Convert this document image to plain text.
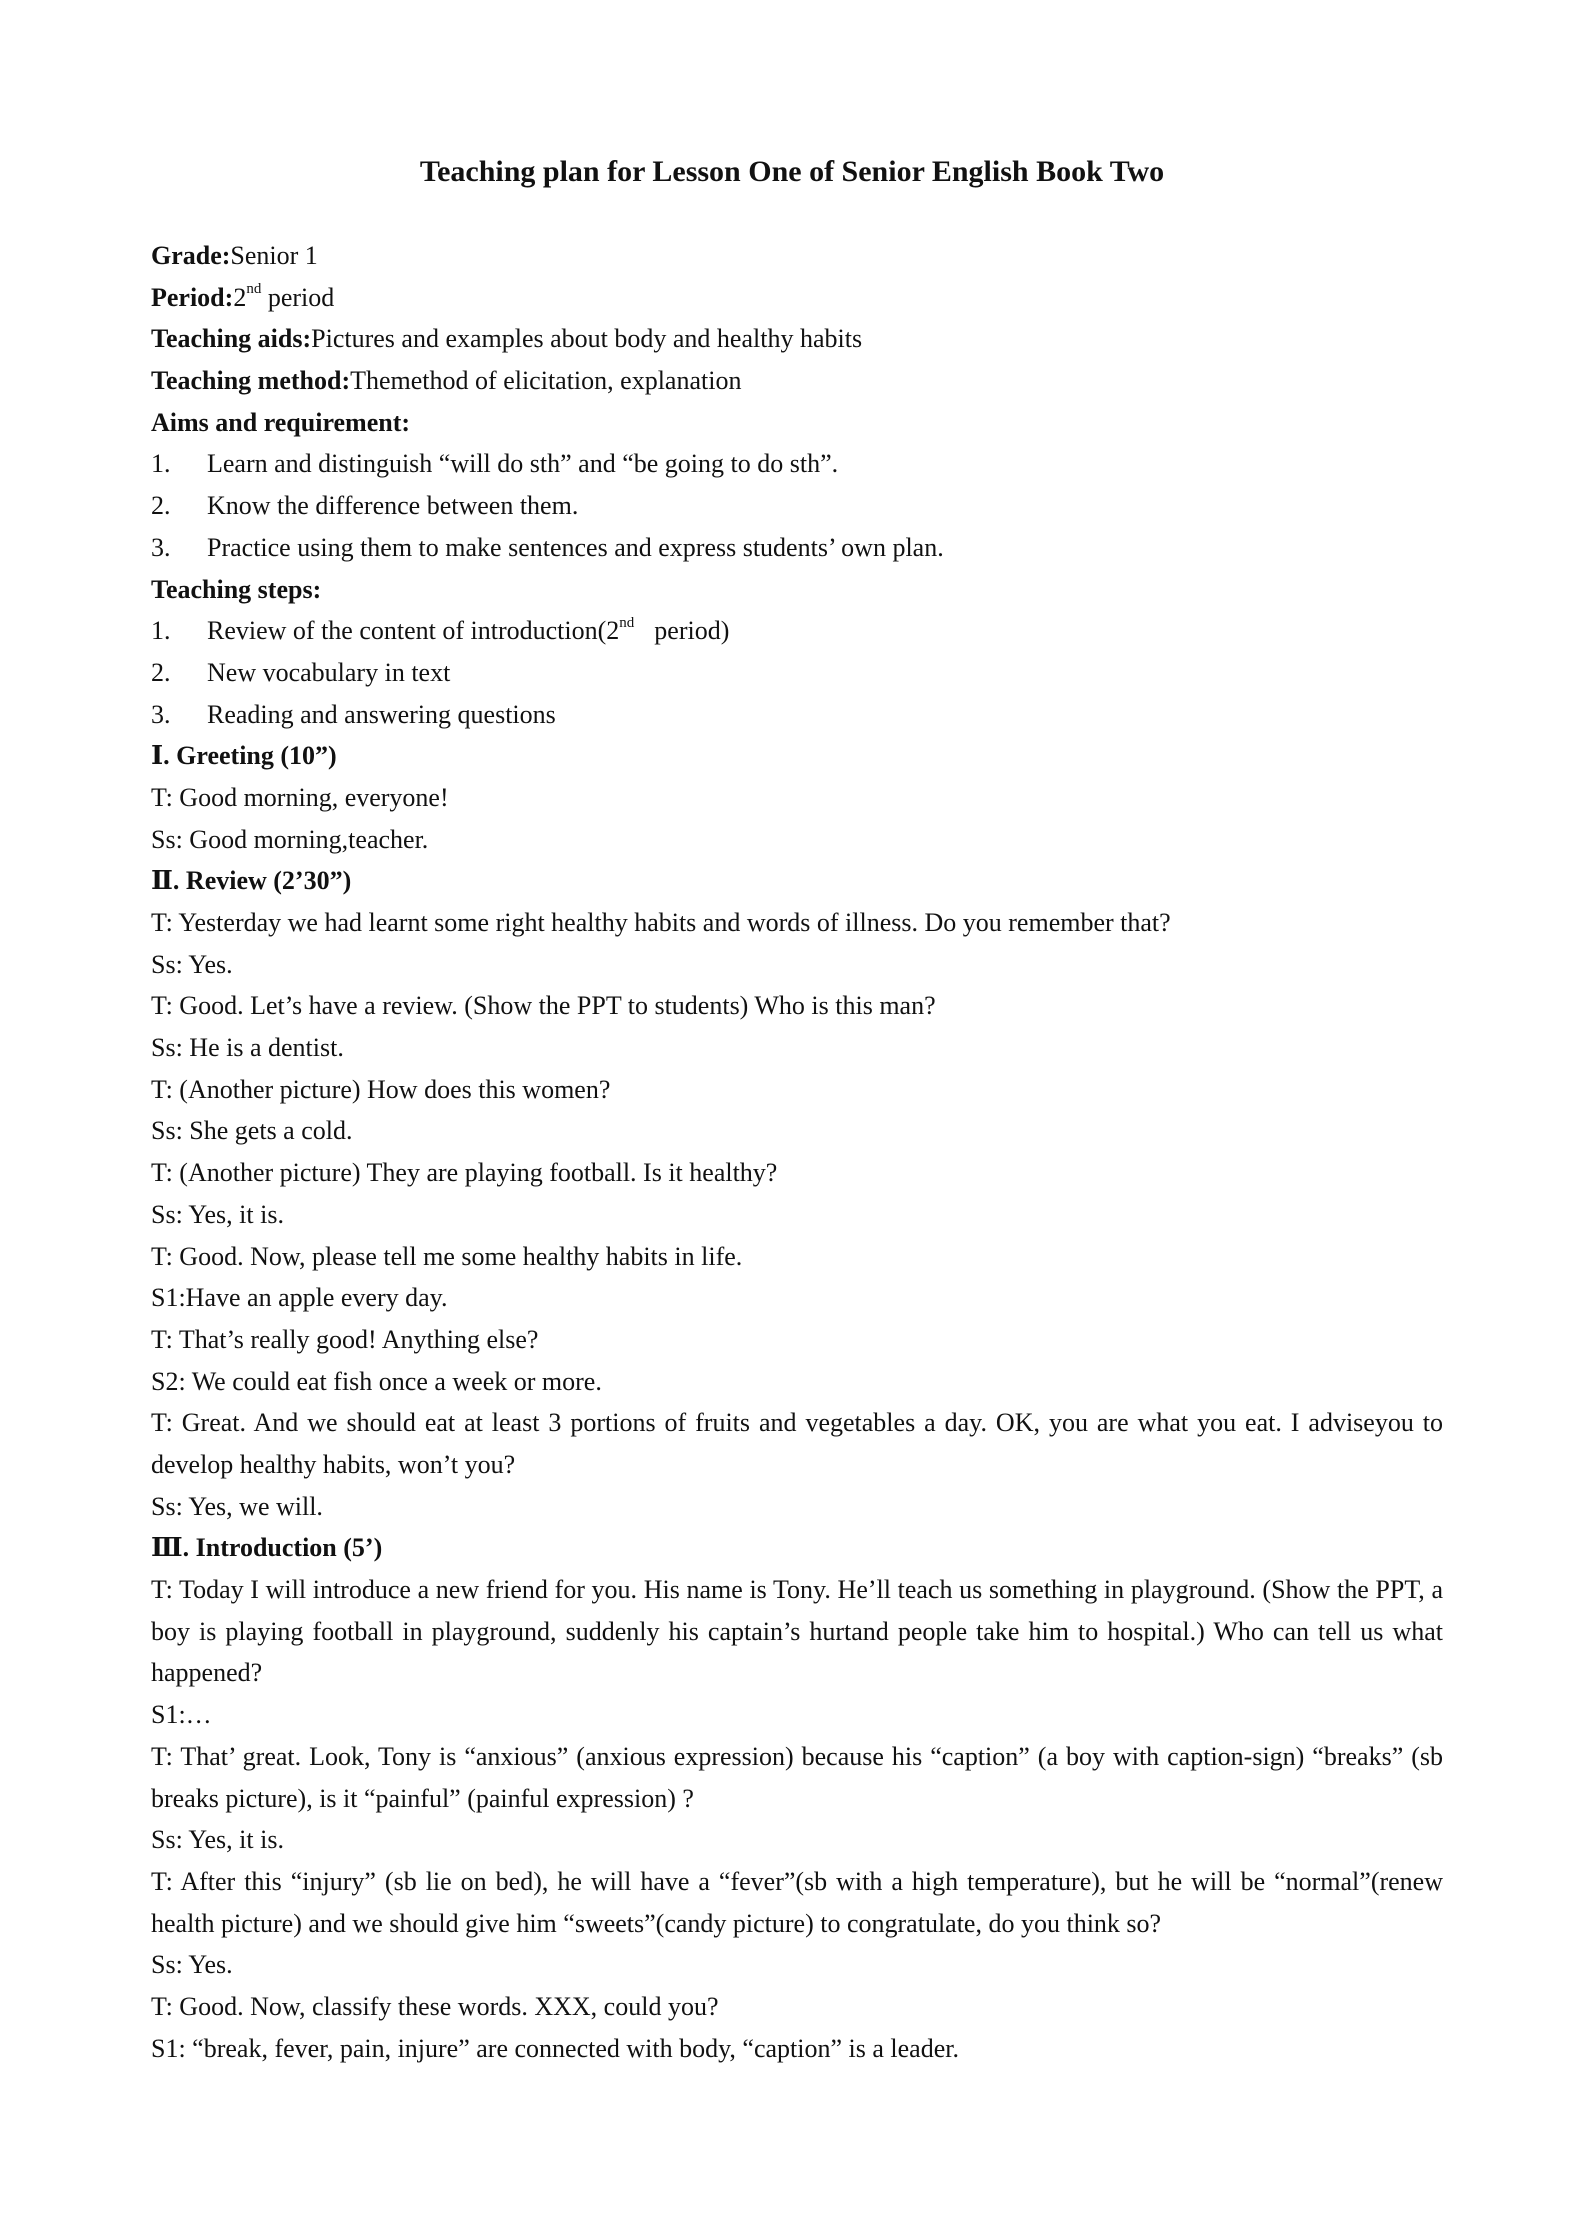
Teaching plan for Lesson One of Senior English Book Two
Grade:Senior 1
Period:2nd period
Teaching aids:Pictures and examples about body and healthy habits
Teaching method:Themethod of elicitation, explanation
Aims and requirement:
1.	Learn and distinguish “will do sth” and “be going to do sth”.
2.	Know the difference between them.
3.	Practice using them to make sentences and express students’ own plan.
Teaching steps:
1.	Review of the content of introduction(2nd period)
2.	New vocabulary in text
3.	Reading and answering questions
Ⅰ. Greeting (10”)
T: Good morning, everyone!
Ss: Good morning,teacher.
Ⅱ. Review (2’30”)
T: Yesterday we had learnt some right healthy habits and words of illness. Do you remember that?
Ss: Yes.
T: Good. Let’s have a review. (Show the PPT to students) Who is this man?
Ss: He is a dentist.
T: (Another picture) How does this women?
Ss: She gets a cold.
T: (Another picture) They are playing football. Is it healthy?
Ss: Yes, it is.
T: Good. Now, please tell me some healthy habits in life.
S1:Have an apple every day.
T: That’s really good! Anything else?
S2: We could eat fish once a week or more.
T: Great. And we should eat at least 3 portions of fruits and vegetables a day. OK, you are what you eat. I adviseyou to develop healthy habits, won’t you?
Ss: Yes, we will.
Ⅲ. Introduction (5’)
T: Today I will introduce a new friend for you. His name is Tony. He’ll teach us something in playground. (Show the PPT, a boy is playing football in playground, suddenly his captain’s hurtand people take him to hospital.) Who can tell us what happened?
S1:…
T: That’ great. Look, Tony is “anxious” (anxious expression) because his “caption” (a boy with caption-sign) “breaks” (sb breaks picture), is it “painful” (painful expression) ?
Ss: Yes, it is.
T: After this “injury” (sb lie on bed), he will have a “fever”(sb with a high temperature), but he will be “normal”(renew health picture) and we should give him “sweets”(candy picture) to congratulate, do you think so?
Ss: Yes.
T: Good. Now, classify these words. XXX, could you?
S1: “break, fever, pain, injure” are connected with body, “caption” is a leader.
